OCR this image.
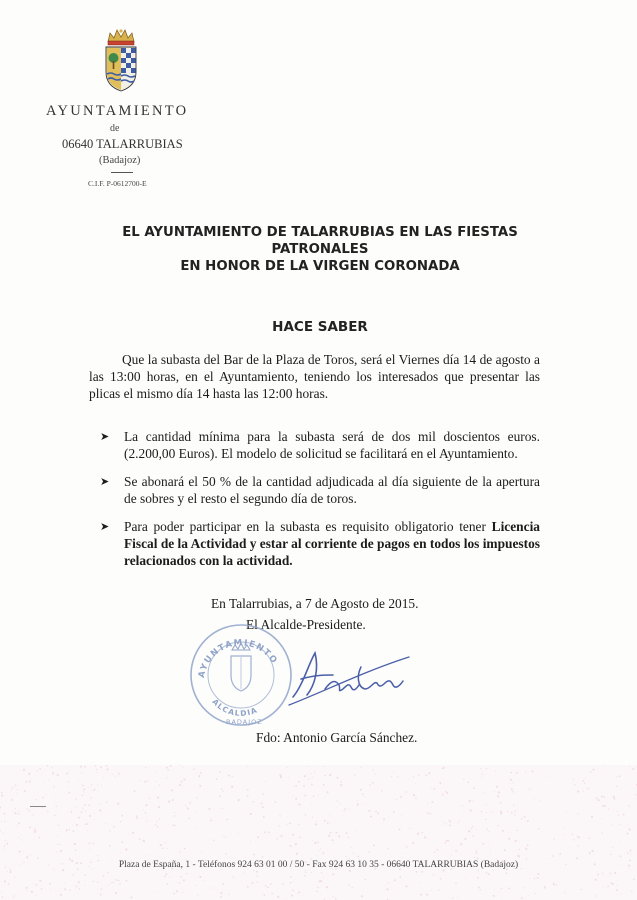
AYUNTAMIENTO
de
06640 TALARRUBIAS
(Badajoz)
C.I.F. P-0612700-E
EL AYUNTAMIENTO DE TALARRUBIAS EN LAS FIESTAS
PATRONALES
EN HONOR DE LA VIRGEN CORONADA
HACE SABER

Que la subasta del Bar de la Plaza de Toros, será el Viernes día 14 de agosto a las 13:00 horas, en el Ayuntamiento, teniendo los interesados que presentar las plicas el mismo día 14 hasta las 12:00 horas.

➤ La cantidad mínima para la subasta será de dos mil doscientos euros. (2.200,00 Euros). El modelo de solicitud se facilitará en el Ayuntamiento.
➤ Se abonará el 50 % de la cantidad adjudicada al día siguiente de la apertura de sobres y el resto el segundo día de toros.
➤ Para poder participar en la subasta es requisito obligatorio tener Licencia Fiscal de la Actividad y estar al corriente de pagos en todos los impuestos relacionados con la actividad.
En Talarrubias, a 7 de Agosto de 2015.
El Alcalde-Presidente.
AYUNTAMIENTO
ALCALDIA
BADAJOZ
Fdo: Antonio García Sánchez.
Plaza de España, 1 - Teléfonos 924 63 01 00 / 50 - Fax 924 63 10 35 - 06640 TALARRUBIAS (Badajoz)
